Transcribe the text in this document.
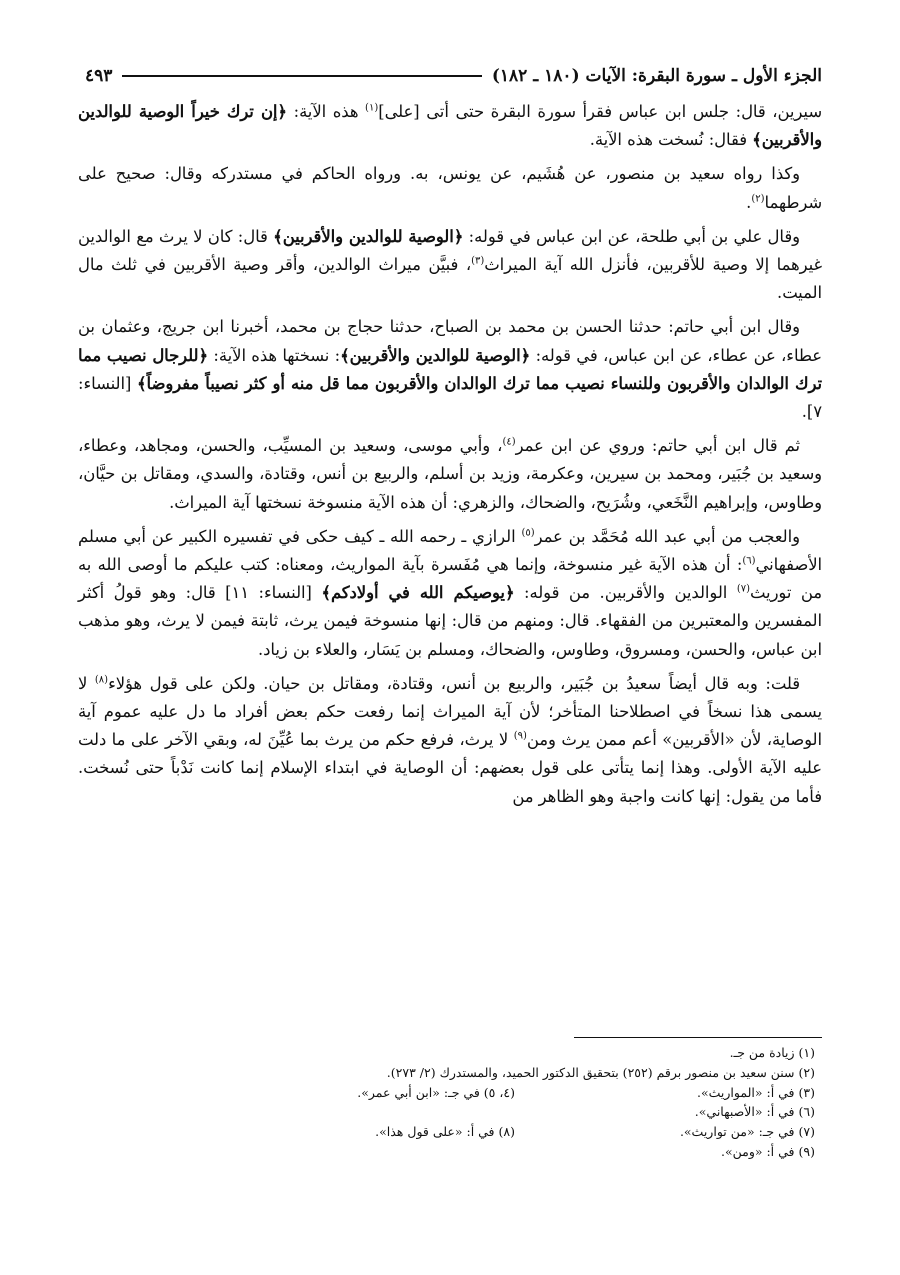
الجزء الأول ـ سورة البقرة: الآيات (١٨٠ ـ ١٨٢)
٤٩٣

سيرين، قال: جلس ابن عباس فقرأ سورة البقرة حتى أتى [على]$^{(١)}$ هذه الآية: ﴿إن ترك خيراً الوصية للوالدين والأقربين﴾ فقال: نُسخت هذه الآية.

وكذا رواه سعيد بن منصور، عن هُشَيم، عن يونس، به. ورواه الحاكم في مستدركه وقال: صحيح على شرطهما$^{(٢)}$.

وقال علي بن أبي طلحة، عن ابن عباس في قوله: ﴿الوصية للوالدين والأقربين﴾ قال: كان لا يرث مع الوالدين غيرهما إلا وصية للأقربين، فأنزل الله آية الميراث$^{(٣)}$، فبيَّن ميراث الوالدين، وأقر وصية الأقربين في ثلث مال الميت.

وقال ابن أبي حاتم: حدثنا الحسن بن محمد بن الصباح، حدثنا حجاج بن محمد، أخبرنا ابن جريج، وعثمان بن عطاء، عن عطاء، عن ابن عباس، في قوله: ﴿الوصية للوالدين والأقربين﴾: نسختها هذه الآية: ﴿للرجال نصيب مما ترك الوالدان والأقربون وللنساء نصيب مما ترك الوالدان والأقربون مما قل منه أو كثر نصيباً مفروضاً﴾ [النساء: ٧].

ثم قال ابن أبي حاتم: وروي عن ابن عمر$^{(٤)}$، وأبي موسى، وسعيد بن المسيِّب، والحسن، ومجاهد، وعطاء، وسعيد بن جُبَير، ومحمد بن سيرين، وعكرمة، وزيد بن أسلم، والربيع بن أنس، وقتادة، والسدي، ومقاتل بن حيَّان، وطاوس، وإبراهيم النَّخَعي، وشُرَيح، والضحاك، والزهري: أن هذه الآية منسوخة نسختها آية الميراث.

والعجب من أبي عبد الله مُحَمَّد بن عمر$^{(٥)}$ الرازي ـ رحمه الله ـ كيف حكى في تفسيره الكبير عن أبي مسلم الأصفهاني$^{(٦)}$: أن هذه الآية غير منسوخة، وإنما هي مُفَسرة بآية المواريث، ومعناه: كتب عليكم ما أوصى الله به من توريث$^{(٧)}$ الوالدين والأقربين. من قوله: ﴿يوصيكم الله في أولادكم﴾ [النساء: ١١] قال: وهو قولُ أكثر المفسرين والمعتبرين من الفقهاء. قال: ومنهم من قال: إنها منسوخة فيمن يرث، ثابتة فيمن لا يرث، وهو مذهب ابن عباس، والحسن، ومسروق، وطاوس، والضحاك، ومسلم بن يَسَار، والعلاء بن زياد.

قلت: وبه قال أيضاً سعيدُ بن جُبَير، والربيع بن أنس، وقتادة، ومقاتل بن حيان. ولكن على قول هؤلاء$^{(٨)}$ لا يسمى هذا نسخاً في اصطلاحنا المتأخر؛ لأن آية الميراث إنما رفعت حكم بعض أفراد ما دل عليه عموم آية الوصاية، لأن «الأقربين» أعم ممن يرث ومن$^{(٩)}$ لا يرث، فرفع حكم من يرث بما عُيِّنَ له، وبقي الآخر على ما دلت عليه الآية الأولى. وهذا إنما يتأتى على قول بعضهم: أن الوصاية في ابتداء الإسلام إنما كانت نَدْباً حتى نُسخت. فأما من يقول: إنها كانت واجبة وهو الظاهر من

(١) زيادة من جـ.
(٢) سنن سعيد بن منصور برقم (٢٥٢) بتحقيق الدكتور الحميد، والمستدرك (٢/ ٢٧٣).
(٣) في أ: «المواريث».
(٤، ٥) في جـ: «ابن أبي عمر».
(٦) في أ: «الأصبهاني».
(٧) في جـ: «من تواريث».
(٨) في أ: «على قول هذا».
(٩) في أ: «ومن».
